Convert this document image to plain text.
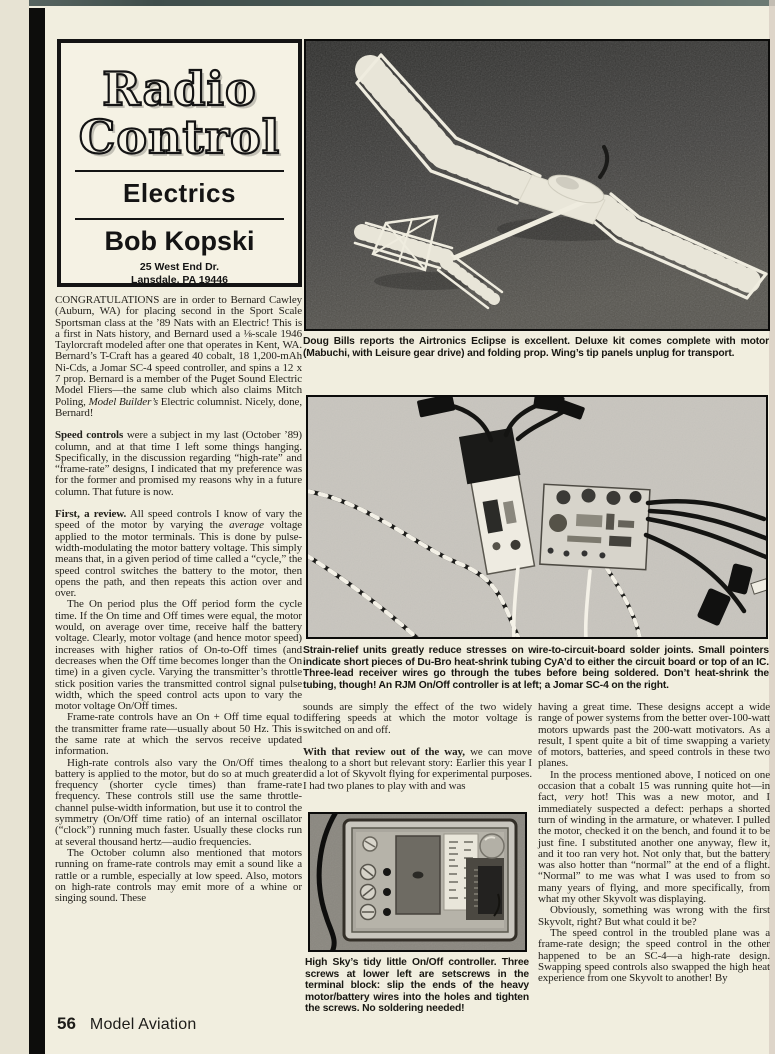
Radio
Control
Electrics
Bob Kopski
25 West End Dr.
Lansdale, PA 19446
Doug Bills reports the Airtronics Eclipse is excellent. Deluxe kit comes complete with motor (Mabuchi, with Leisure gear drive) and folding prop. Wing’s tip panels unplug for transport.
Strain-relief units greatly reduce stresses on wire-to-circuit-board solder joints. Small pointers indicate short pieces of Du-Bro heat-shrink tubing CyA’d to either the circuit board or top of an IC. Three-lead receiver wires go through the tubes before being soldered. Don’t heat-shrink the tubing, though! An RJM On/Off controller is at left; a Jomar SC-4 on the right.

CONGRATULATIONS are in order to Bernard Cawley (Auburn, WA) for placing second in the Sport Scale Sportsman class at the ’89 Nats with an Electric! This is a first in Nats history, and Bernard used a ⅛-scale 1946 Taylorcraft modeled after one that operates in Kent, WA. Bernard’s T-Craft has a geared 40 cobalt, 18 1,200-mAh Ni-Cds, a Jomar SC-4 speed controller, and spins a 12 x 7 prop. Bernard is a member of the Puget Sound Electric Model Fliers—the same club which also claims Mitch Poling, Model Builder’s Electric columnist. Nicely, done, Bernard!

Speed controls were a subject in my last (October ’89) column, and at that time I left some things hanging. Specifically, in the discussion regarding “high-rate” and “frame-rate” designs, I indicated that my preference was for the former and promised my reasons why in a future column. That future is now.

First, a review. All speed controls I know of vary the speed of the motor by varying the average voltage applied to the motor terminals. This is done by pulse-width-modulating the motor battery voltage. This simply means that, in a given period of time called a “cycle,” the speed control switches the battery to the motor, then opens the path, and then repeats this action over and over.

The On period plus the Off period form the cycle time. If the On time and Off times were equal, the motor would, on average over time, receive half the battery voltage. Clearly, motor voltage (and hence motor speed) increases with higher ratios of On-to-Off times (and decreases when the Off time becomes longer than the On time) in a given cycle. Varying the transmitter’s throttle stick position varies the transmitted control signal pulse width, which the speed control acts upon to vary the motor voltage On/Off times.

Frame-rate controls have an On + Off time equal to the transmitter frame rate—usually about 50 Hz. This is the same rate at which the servos receive updated information.

High-rate controls also vary the On/Off times the battery is applied to the motor, but do so at much greater frequency (shorter cycle times) than frame-rate frequency. These controls still use the same throttle-channel pulse-width information, but use it to control the symmetry (On/Off time ratio) of an internal oscillator (“clock”) running much faster. Usually these clocks run at several thousand hertz—audio frequencies.

The October column also mentioned that motors running on frame-rate controls may emit a sound like a rattle or a rumble, especially at low speed. Also, motors on high-rate controls may emit more of a whine or singing sound. These

sounds are simply the effect of the two widely differing speeds at which the motor voltage is switched on and off.

With that review out of the way, we can move along to a short but relevant story: Earlier this year I did a lot of Skyvolt flying for experimental purposes. I had two planes to play with and was

having a great time. These designs accept a wide range of power systems from the better over-100-watt motors upwards past the 200-watt motivators. As a result, I spent quite a bit of time swapping a variety of motors, batteries, and speed controls in these two planes.

In the process mentioned above, I noticed on one occasion that a cobalt 15 was running quite hot—in fact, very hot! This was a new motor, and I immediately suspected a defect: perhaps a shorted turn of winding in the armature, or whatever. I pulled the motor, checked it on the bench, and found it to be just fine. I substituted another one anyway, flew it, and it too ran very hot. Not only that, but the battery was also hotter than “normal” at the end of a flight. “Normal” to me was what I was used to from so many years of flying, and more specifically, from what my other Skyvolt was displaying.

Obviously, something was wrong with the first Skyvolt, right? But what could it be?

The speed control in the troubled plane was a frame-rate design; the speed control in the other happened to be an SC-4—a high-rate design. Swapping speed controls also swapped the high heat experience from one Skyvolt to another! By

High Sky’s tidy little On/Off controller. Three screws at lower left are setscrews in the terminal block: slip the ends of the heavy motor/battery wires into the holes and tighten the screws. No soldering needed!
56 Model Aviation
